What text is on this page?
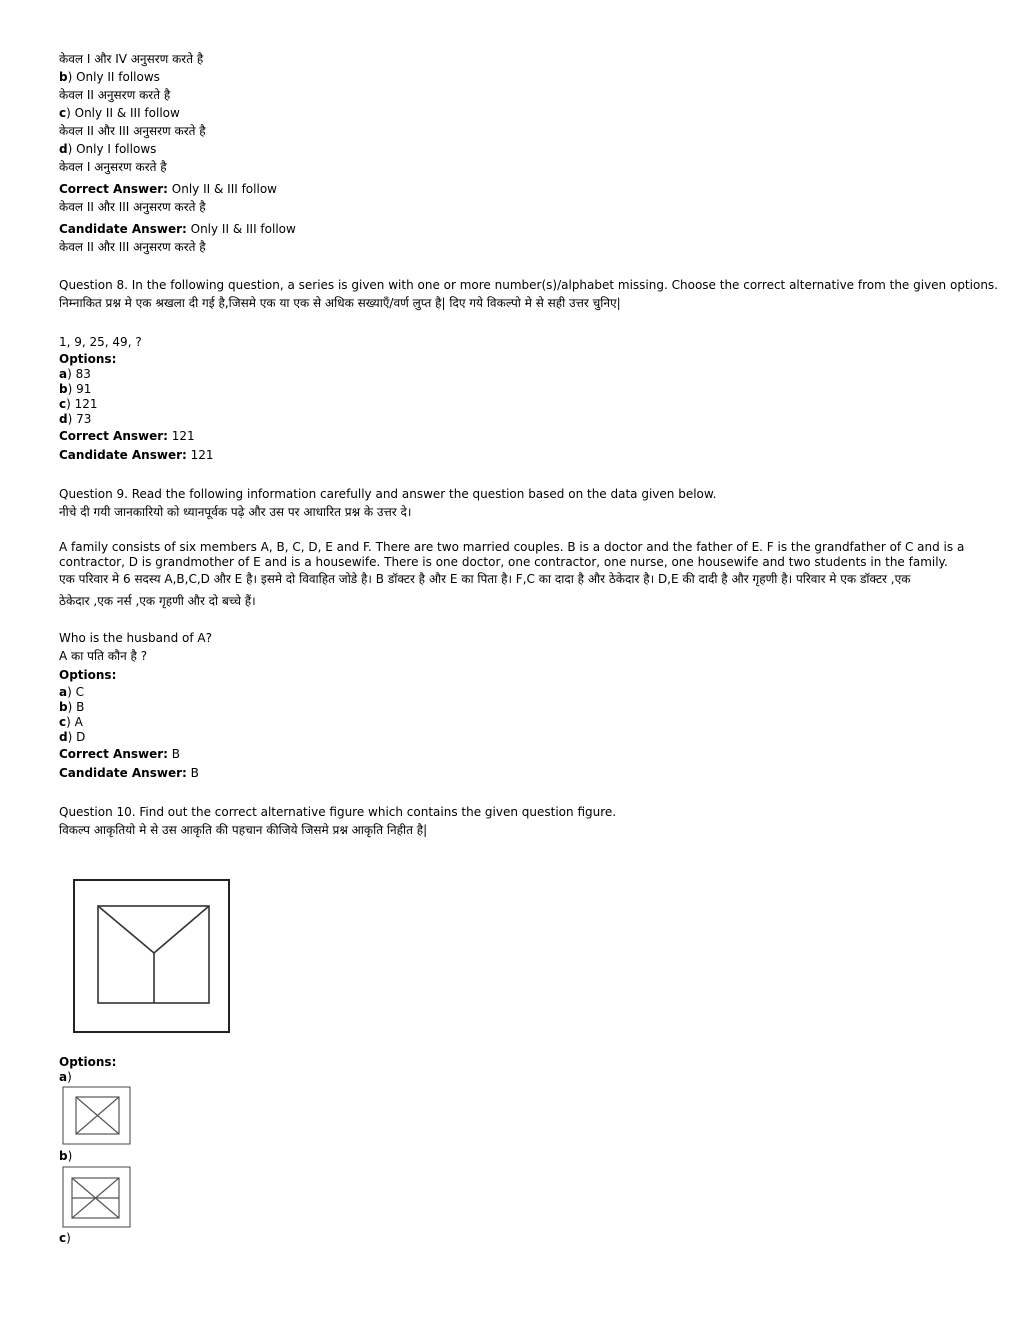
केवल I और IV अनुसरण करते है
b) Only II follows
केवल II अनुसरण करते है
c) Only II & III follow
केवल II और III अनुसरण करते है
d) Only I follows
केवल I अनुसरण करते है
Correct Answer: Only II & III follow
केवल II और III अनुसरण करते है
Candidate Answer: Only II & III follow
केवल II और III अनुसरण करते है
Question 8. In the following question, a series is given with one or more number(s)/alphabet missing. Choose the correct alternative from the given options.
निम्नाकित प्रश्न मे एक श्रखला दी गई है,जिसमे एक या एक से अधिक सख्याएँ/वर्ण लुप्त है| दिए गये विकल्पो मे से सही उत्तर चुनिए|
1, 9, 25, 49, ?
Options:
a) 83
b) 91
c) 121
d) 73
Correct Answer: 121
Candidate Answer: 121
Question 9. Read the following information carefully and answer the question based on the data given below.
नीचे दी गयी जानकारियो को ध्यानपूर्वक पढ़े और उस पर आधारित प्रश्न के उत्तर दे।
A family consists of six members A, B, C, D, E and F. There are two married couples. B is a doctor and the father of E. F is the grandfather of C and is a contractor, D is grandmother of E and is a housewife. There is one doctor, one contractor, one nurse, one housewife and two students in the family.
एक परिवार मे 6 सदस्य A,B,C,D और E है। इसमे दो विवाहित जोडे है। B डॉक्टर है और E का पिता है। F,C का दादा है और ठेकेदार है। D,E की दादी है और गृहणी है। परिवार मे एक डॉक्टर ,एक
ठेकेदार ,एक नर्स ,एक गृहणी और दो बच्चे हैं।
Who is the husband of A?
A का पति कौन है ?
Options:
a) C
b) B
c) A
d) D
Correct Answer: B
Candidate Answer: B
Question 10. Find out the correct alternative figure which contains the given question figure.
विकल्प आकृतियो मे से उस आकृति की पहचान कीजिये जिसमे प्रश्न आकृति निहीत है|
Options:
a)
b)
c)
